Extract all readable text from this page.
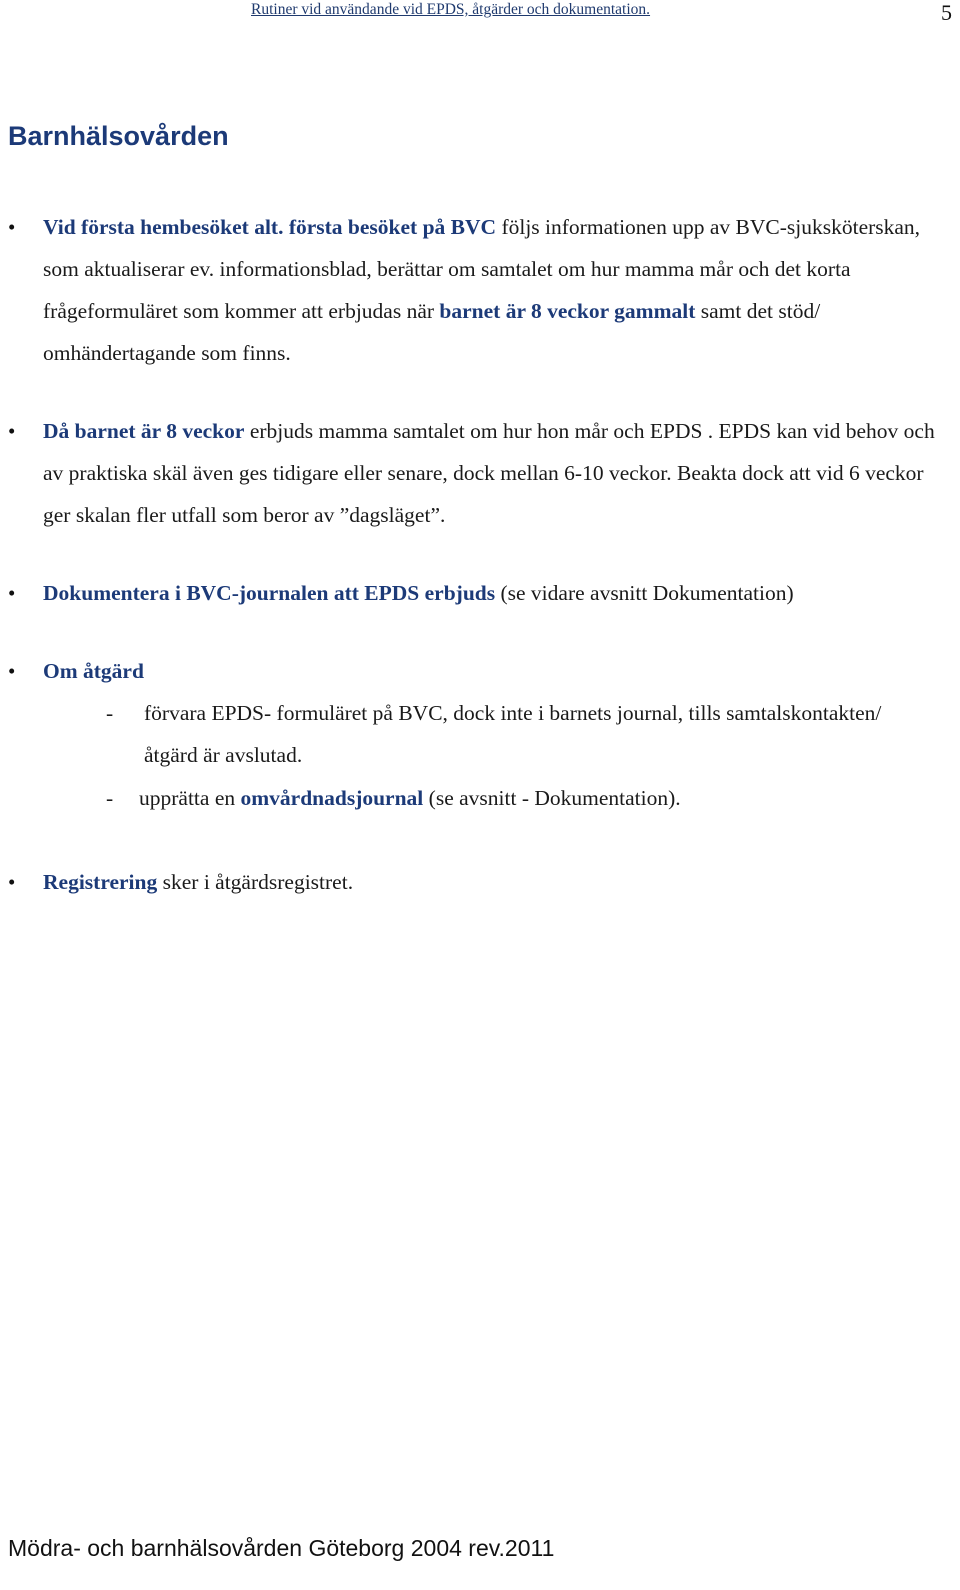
Rutiner vid användande vid EPDS, åtgärder och dokumentation.	5
Barnhälsovården
• Vid första hembesöket alt. första besöket på BVC följs informationen upp av BVC-sjuksköterskan, som aktualiserar ev. informationsblad, berättar om samtalet om hur mamma mår och det korta frågeformuläret som kommer att erbjudas när barnet är 8 veckor gammalt samt det stöd/ omhändertagande som finns.

• Då barnet är 8 veckor erbjuds mamma samtalet om hur hon mår och EPDS . EPDS kan vid behov och av praktiska skäl även ges tidigare eller senare, dock mellan 6-10 veckor. Beakta dock att vid 6 veckor ger skalan fler utfall som beror av ”dagsläget”.

• Dokumentera i BVC-journalen att EPDS erbjuds (se vidare avsnitt Dokumentation)

• Om åtgärd

- förvara EPDS- formuläret på BVC, dock inte i barnets journal, tills samtalskontakten/åtgärd är avslutad.
- upprätta en omvårdnadsjournal (se avsnitt - Dokumentation).
• Registrering sker i åtgärdsregistret.

Mödra- och barnhälsovården Göteborg 2004 rev.2011
